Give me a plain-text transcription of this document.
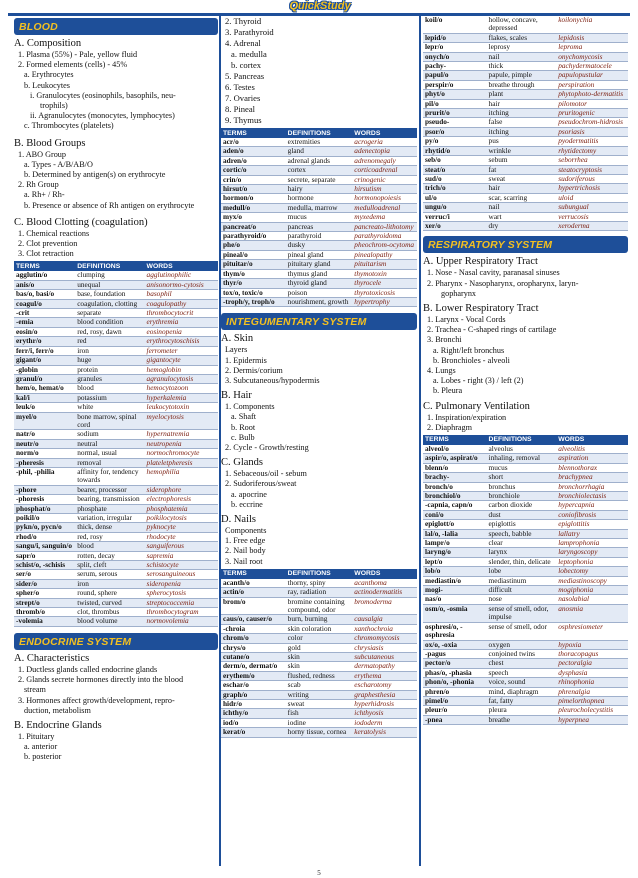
QuickStudy
BLOOD
A. Composition
1. Plasma (55%) - Pale, yellow fluid
2. Formed elements (cells) - 45%
a. Erythrocytes
b. Leukocytes
i. Granulocytes (eosinophils, basophils, neu-
trophils)
ii. Agranulocytes (monocytes, lymphocytes)
c. Thrombocytes (platelets)
B. Blood Groups
1. ABO Group
a. Types - A/B/AB/O
b. Determined by antigen(s) on erythrocyte
2. Rh Group
a. Rh+ / Rh-
b. Presence or absence of Rh antigen on erythrocyte
C. Blood Clotting (coagulation)
1. Chemical reactions
2. Clot prevention
3. Clot retraction
TERMS	DEFINITIONS	WORDS
agglutin/o	clumping	agglutinophilic
anis/o	unequal	anisonormo-cytosis
bas/o, basi/o	base, foundation	basophil
coagul/o	coagulation, clotting	coagulopathy
-crit	separate	thrombocytocrit
-emia	blood condition	erythremia
eosin/o	red, rosy, dawn	eosinopenia
erythr/o	red	erythrocytoschisis
ferr/i, ferr/o	iron	ferrometer
gigant/o	huge	gigantocyte
-globin	protein	hemoglobin
granul/o	granules	agranulocytosis
hem/o, hemat/o	blood	hemocytozoon
kal/i	potassium	hyperkalemia
leuk/o	white	leukocytotoxin
myel/o	bone marrow, spinal cord	myelocytosis
natr/o	sodium	hypernatremia
neutr/o	neutral	neutropenia
norm/o	normal, usual	normochromocyte
-pheresis	removal	plateletpheresis
-phil, -philia	affinity for, tendency towards	hemophilia
-phore	bearer, processor	siderophore
-phoresis	bearing, transmission	electrophoresis
phosphat/o	phosphate	phosphatemia
poikil/o	variation, irregular	poikilocytosis
pykn/o, pycn/o	thick, dense	pyknocyte
rhod/o	red, rosy	rhodocyte
sangu/i, sanguin/o	blood	sanguiferous
sapr/o	rotten, decay	sapremia
schist/o, -schisis	split, cleft	schistocyte
ser/o	serum, serous	serosanguineous
sider/o	iron	sideropenia
spher/o	round, sphere	spherocytosis
strept/o	twisted, curved	streptococcemia
thromb/o	clot, thrombus	thrombocytogram
-volemia	blood volume	normovolemia
ENDOCRINE SYSTEM
A. Characteristics
1. Ductless glands called endocrine glands
2. Glands secrete hormones directly into the blood
stream
3. Hormones affect growth/development, repro-
duction, metabolism
B. Endocrine Glands
1. Pituitary
a. anterior
b. posterior
2. Thyroid
3. Parathyroid
4. Adrenal
a. medulla
b. cortex
5. Pancreas
6. Testes
7. Ovaries
8. Pineal
9. Thymus
TERMS	DEFINITIONS	WORDS
acr/o	extremities	acrogeria
aden/o	gland	adenectopia
adren/o	adrenal glands	adrenomegaly
cortic/o	cortex	corticoadrenal
crin/o	secrete, separate	crinogenic
hirsut/o	hairy	hirsutism
hormon/o	hormone	hormonopoiesis
medull/o	medulla, marrow	medulloadrenal
myx/o	mucus	myxedema
pancreat/o	pancreas	pancreato-lithotomy
parathyroid/o	parathyroid	parathyroidoma
phe/o	dusky	pheochrom-ocytoma
pineal/o	pineal gland	pinealopathy
pituitar/o	pituitary gland	pituitarism
thym/o	thymus gland	thymotoxin
thyr/o	thyroid gland	thyrocele
tox/o, toxic/o	poison	thyrotoxicosis
-troph/y, troph/o	nourishment, growth	hypertrophy
INTEGUMENTARY SYSTEM
A. Skin
Layers
1. Epidermis
2. Dermis/corium
3. Subcutaneous/hypodermis
B. Hair
1. Components
a. Shaft
b. Root
c. Bulb
2. Cycle - Growth/resting
C. Glands
1. Sebaceous/oil - sebum
2. Sudoriferous/sweat
a. apocrine
b. eccrine
D. Nails
Components
1. Free edge
2. Nail body
3. Nail root
TERMS	DEFINITIONS	WORDS
acanth/o	thorny, spiny	acanthoma
actin/o	ray, radiation	actinodermatitis
brom/o	bromine containing compound, odor	bromoderma
caus/o, causer/o	burn, burning	causalgia
-chroia	skin coloration	xanthochroia
chrom/o	color	chromomycosis
chrys/o	gold	chrysiasis
cutane/o	skin	subcutaneous
derm/o, dermat/o	skin	dermatopathy
erythem/o	flushed, redness	erythema
eschar/o	scab	escharotomy
graph/o	writing	graphesthesia
hidr/o	sweat	hyperhidrosis
ichthy/o	fish	ichthyosis
iod/o	iodine	iododerm
kerat/o	horny tissue, cornea	keratolysis
koil/o	hollow, concave, depressed	koilonychia
lepid/o	flakes, scales	lepidosis
lepr/o	leprosy	leproma
onych/o	nail	onychomycosis
pachy-	thick	pachydermatocele
papul/o	papule, pimple	papulopustular
perspir/o	breathe through	perspiration
phyt/o	plant	phytophoto-dermatitis
pil/o	hair	pilomotor
prurit/o	itching	pruritogenic
pseudo-	false	pseudochrom-hidrosis
psor/o	itching	psoriasis
py/o	pus	pyodermatitis
rhytid/o	wrinkle	rhytidectomy
seb/o	sebum	seborrhea
steat/o	fat	steatocryptosis
sud/o	sweat	sudoriferous
trich/o	hair	hypertrichosis
ul/o	scar, scarring	uloid
ungu/o	nail	subungual
verruc/i	wart	verrucosis
xer/o	dry	xeroderma
RESPIRATORY SYSTEM
A. Upper Respiratory Tract
1. Nose - Nasal cavity, paranasal sinuses
2. Pharynx - Nasopharynx, oropharynx, laryn-
gopharynx
B. Lower Respiratory Tract
1. Larynx - Vocal Cords
2. Trachea - C-shaped rings of cartilage
3. Bronchi
a. Right/left bronchus
b. Bronchioles - alveoli
4. Lungs
a. Lobes - right (3) / left (2)
b. Pleura
C. Pulmonary Ventilation
1. Inspiration/expiration
2. Diaphragm
TERMS	DEFINITIONS	WORDS
alveol/o	alveolus	alveolitis
aspir/o, aspirat/o	inhaling, removal	aspiration
blenn/o	mucus	blennothorax
brachy-	short	brachypnea
bronch/o	bronchus	bronchorrhagia
bronchiol/o	bronchiole	bronchiolectasis
-capnia, capn/o	carbon dioxide	hypercapnia
coni/o	dust	coniofibrosis
epiglott/o	epiglottis	epiglottitis
lal/o, -lalia	speech, babble	lallatry
lampr/o	clear	lamprophonia
laryng/o	larynx	laryngoscopy
lept/o	slender, thin, delicate	leptophonia
lob/o	lobe	lobectomy
mediastin/o	mediastinum	mediastinoscopy
mogi-	difficult	mogiphonia
nas/o	nose	nasolabial
osm/o, -osmia	sense of smell, odor, impulse	anosmia
osphresi/o, -osphresia	sense of smell, odor	osphresiometer
ox/o, -oxia	oxygen	hypoxia
-pagus	conjoined twins	thoracopagus
pector/o	chest	pectoralgia
phas/o, -phasia	speech	dysphasia
phon/o, -phonia	voice, sound	rhinophonia
phren/o	mind, diaphragm	phrenalgia
pimel/o	fat, fatty	pimelorthopnea
pleur/o	pleura	pleurocholecystitis
-pnea	breathe	hyperpnea
5
